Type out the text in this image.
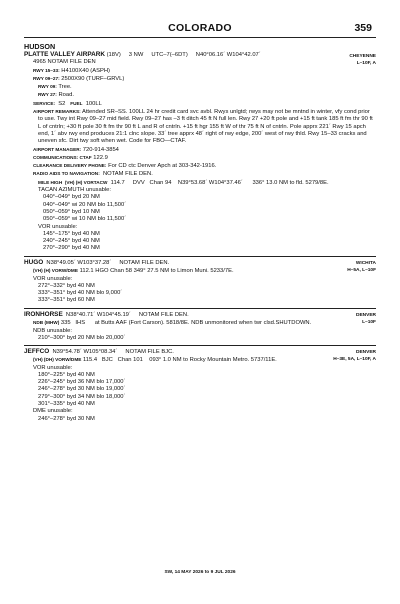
COLORADO	359
HUDSON
CHEYENNE
L–10F, A
PLATTE VALLEY AIRPARK (18V)     3 NW     UTC–7(–6DT)     N40°06.16´ W104°42.07´
4965 NOTAM FILE DEN
RWY 15–33: H4100X40 (ASPH)
RWY 09–27: 2500X90 (TURF–GRVL)
RWY 09: Tree.
RWY 27: Road.
SERVICE:  S2   FUEL  100LL
AIRPORT REMARKS: Attended SR–SS. 100LL 24 hr credit card svc avbl. Rwys unlgtd; rwys may not be mntnd in winter, vfy cond prior to use. Twy int Rwy 09–27 mid field. Rwy 09–27 has –3 ft ditch 45 ft N full len. Rwy 27 +20 ft pole and +15 ft tank 185 ft fm thr 90 ft L of cntrln; +30 ft pole 30 ft fm thr 90 ft L and R of cntrln. +15 ft hgr 155 ft W of thr 75 ft N of cntrln. Pole apprx 221´ Rwy 15 apch end, 1´ abv rwy end produces 21:1 clnc slope. 33´ tree apprx 48´ right of rwy edge, 200´ west of rwy thld. Rwy 15–33 cracks and uneven sfc. Dirt twy soft when wet. Code for FBO—CTAF.
AIRPORT MANAGER: 720-914-3854
COMMUNICATIONS: CTAF 122.9
CLEARANCE DELIVERY PHONE: For CD ctc Denver Apch at 303-342-1916.
RADIO AIDS TO NAVIGATION:  NOTAM FILE DEN.
MILE HIGH  (VH) (H) VORTACW  114.7     DVV   Chan 94    N39°53.68´ W104°37.46´      336° 13.0 NM to fld. 5279/8E.
TACAN AZIMUTH unusable:
040°–049° byd 20 NM
040°–049° wi 20 NM blo 11,500´
050°–059° byd 10 NM
050°–059° wi 10 NM blo 11,500´
VOR unusable:
145°–175° byd 40 NM
240°–245° byd 40 NM
270°–290° byd 40 NM
WICHITA
H–5A, L–10F
HUGO  N38°49.05´ W103°37.28´     NOTAM FILE DEN.
(VH) (H) VORW/DME 112.1 HGO Chan 58 349° 27.5 NM to Limon Muni. 5233/7E.
VOR unusable:
272°–332° byd 40 NM
333°–351° byd 40 NM blo 9,000´
333°–351° byd 60 NM
DENVER
L–10F
IRONHORSE  N38°40.71´ W104°45.19´     NOTAM FILE DEN.
NDB (MHW) 335   IHS      at Butts AAF (Fort Carson). 5818/8E. NDB unmonitored when twr clsd.SHUTDOWN.
NDB unusable:
210°–300° byd 20 NM blo 20,000´
DENVER
H–3E, 5A, L–10F, A
JEFFCO  N39°54.78´ W105°08.34´     NOTAM FILE BJC.
(VH) (DH) VORW/DME 115.4   BJC   Chan 101    093° 1.0 NM to Rocky Mountain Metro. 5737/11E.
VOR unusable:
180°–225° byd 40 NM
226°–245° byd 36 NM blo 17,000´
246°–278° byd 30 NM blo 19,000´
279°–300° byd 34 NM blo 18,000´
301°–335° byd 40 NM
DME unusable:
246°–278° byd 30 NM
SW, 14 MAY 2026 to 9 JUL 2026
